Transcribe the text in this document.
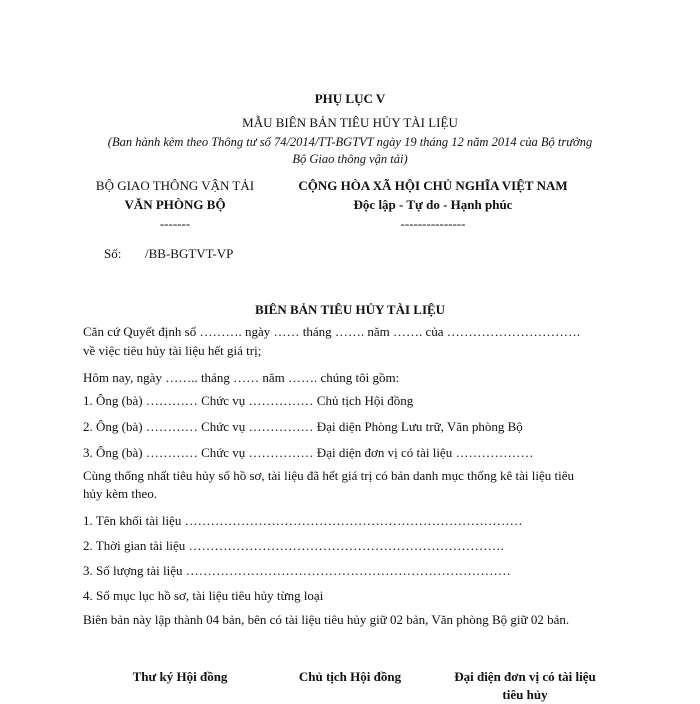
PHỤ LỤC V
MẪU BIÊN BẢN TIÊU HỦY TÀI LIỆU
(Ban hành kèm theo Thông tư số 74/2014/TT-BGTVT ngày 19 tháng 12 năm 2014 của Bộ trưởng
Bộ Giao thông vận tải)
BỘ GIAO THÔNG VẬN TẢI
VĂN PHÒNG BỘ
-------
CỘNG HÒA XÃ HỘI CHỦ NGHĨA VIỆT NAM
Độc lập - Tự do - Hạnh phúc
---------------
Số: /BB-BGTVT-VP
BIÊN BẢN TIÊU HỦY TÀI LIỆU
Căn cứ Quyết định số ………. ngày …… tháng ……. năm ……. của ………………………….
về việc tiêu hủy tài liệu hết giá trị;
Hôm nay, ngày …….. tháng …… năm ……. chúng tôi gồm:
1. Ông (bà) ………… Chức vụ …………… Chủ tịch Hội đồng
2. Ông (bà) ………… Chức vụ …………… Đại diện Phòng Lưu trữ, Văn phòng Bộ
3. Ông (bà) ………… Chức vụ …………… Đại diện đơn vị có tài liệu ………………
Cùng thống nhất tiêu hủy số hồ sơ, tài liệu đã hết giá trị có bản danh mục thống kê tài liệu tiêu
hủy kèm theo.
1. Tên khối tài liệu ……………………………………………………………………
2. Thời gian tài liệu ……………………………………………………………….
3. Số lượng tài liệu …………………………………………………………………
4. Số mục lục hồ sơ, tài liệu tiêu hủy từng loại
Biên bản này lập thành 04 bản, bên có tài liệu tiêu hủy giữ 02 bản, Văn phòng Bộ giữ 02 bản.
Thư ký Hội đồng	Chủ tịch Hội đồng	Đại diện đơn vị có tài liệu
tiêu hủy
